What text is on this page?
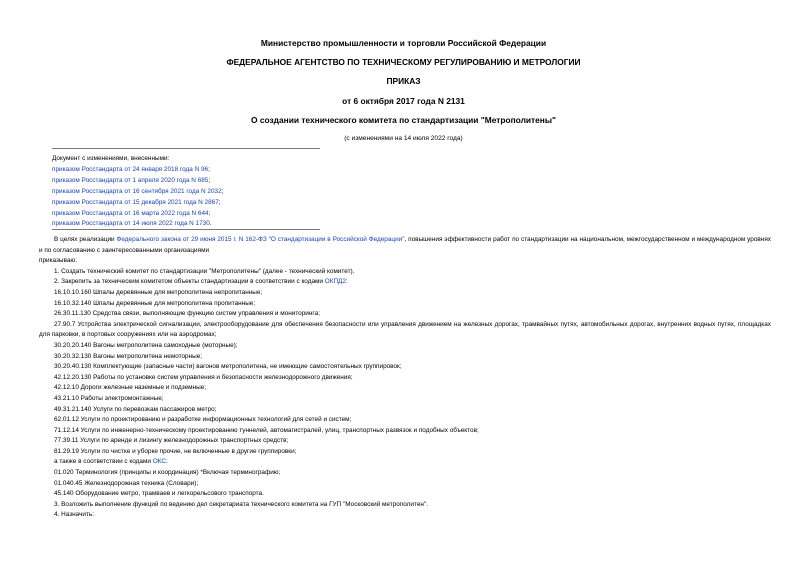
Министерство промышленности и торговли Российской Федерации
ФЕДЕРАЛЬНОЕ АГЕНТСТВО ПО ТЕХНИЧЕСКОМУ РЕГУЛИРОВАНИЮ И МЕТРОЛОГИИ
ПРИКАЗ
от 6 октября 2017 года N 2131
О создании технического комитета по стандартизации "Метрополитены"
(с изменениями на 14 июля 2022 года)
Документ с изменениями, внесенными:
приказом Росстандарта от 24 января 2018 года N 96;
приказом Росстандарта от 1 апреля 2020 года N 685;
приказом Росстандарта от 16 сентября 2021 года N 2032;
приказом Росстандарта от 15 декабря 2021 года N 2867;
приказом Росстандарта от 16 марта 2022 года N 644;
приказом Росстандарта от 14 июля 2022 года N 1730.

В целях реализации Федерального закона от 29 июня 2015 г. N 162-ФЗ "О стандартизации в Российской Федерации", повышения эффективности работ по стандартизации на национальном, межгосударственном и международном уровнях и по согласованию с заинтересованными организациями

приказываю:

1. Создать технический комитет по стандартизации "Метрополитены" (далее - технический комитет).

2. Закрепить за техническим комитетом объекты стандартизации в соответствии с кодами ОКПД2:

16.10.10.160 Шпалы деревянные для метрополитена непропитанные;

16.10.32.140 Шпалы деревянные для метрополитена пропитанные;

26.30.11.130 Средства связи, выполняющие функцию систем управления и мониторинга;

27.90.7 Устройства электрической сигнализации, электрооборудование для обеспечения безопасности или управления движением на железных дорогах, трамвайных путях, автомобильных дорогах, внутренних водных путях, площадках для парковки, в портовых сооружениях или на аэродромах;

30.20.20.140 Вагоны метрополитена самоходные (моторные);

30.20.32.130 Вагоны метрополитена немоторные;

30.20.40.130 Комплектующие (запасные части) вагонов метрополитена, не имеющие самостоятельных группировок;

42.12.20.130 Работы по установке систем управления и безопасности железнодорожного движения;

42.12.10 Дороги железные наземные и подземные;

43.21.10 Работы электромонтажные;

49.31.21.140 Услуги по перевозкам пассажиров метро;

62.01.12 Услуги по проектированию и разработке информационных технологий для сетей и систем;

71.12.14 Услуги по инженерно-техническому проектированию туннелей, автомагистралей, улиц, транспортных развязок и подобных объектов;

77.39.11 Услуги по аренде и лизингу железнодорожных транспортных средств;

81.29.19 Услуги по чистке и уборке прочие, не включенные в другие группировки;

а также в соответствии с кодами ОКС:

01.020 Терминология (принципы и координация) *Включая терминографию;

01.040.45 Железнодорожная техника (Словари);

45.140 Оборудование метро, трамваев и легкорельсового транспорта.

3. Возложить выполнение функций по ведению дел секретариата технического комитета на ГУП "Московский метрополитен".

4. Назначить:
